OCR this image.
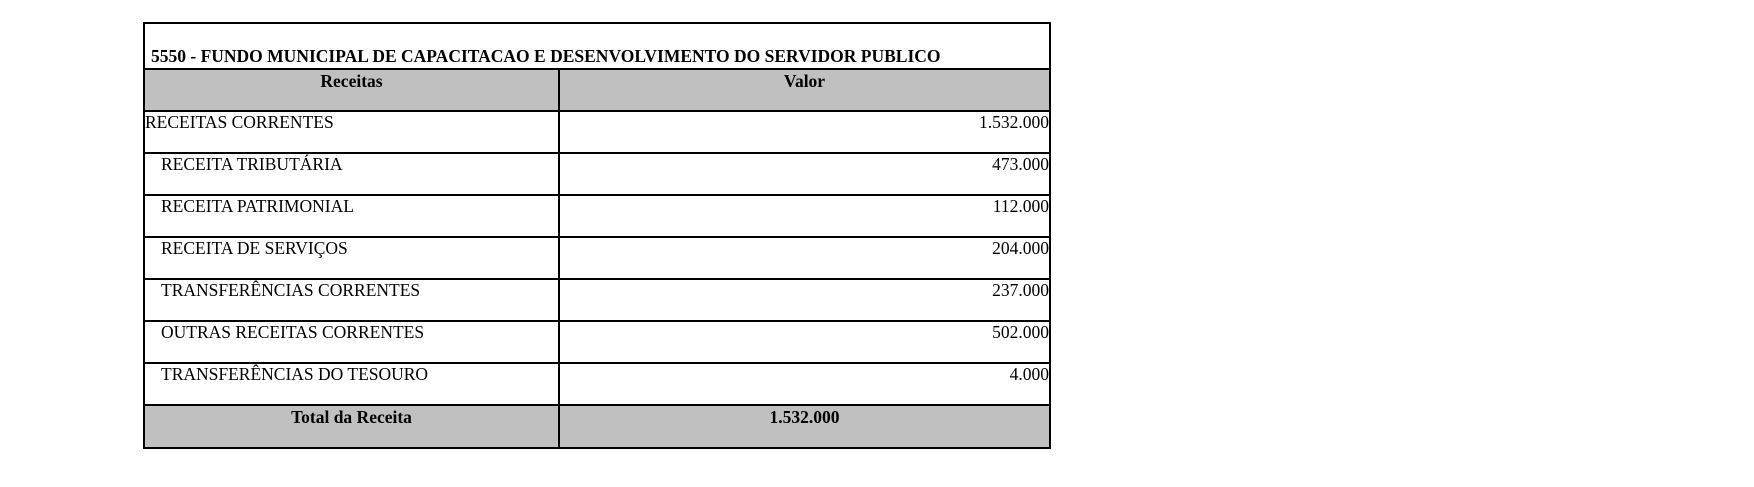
5550 - FUNDO MUNICIPAL DE CAPACITACAO E DESENVOLVIMENTO DO SERVIDOR PUBLICO
Receitas	Valor
RECEITAS CORRENTES	1.532.000
RECEITA TRIBUTÁRIA	473.000
RECEITA PATRIMONIAL	112.000
RECEITA DE SERVIÇOS	204.000
TRANSFERÊNCIAS CORRENTES	237.000
OUTRAS RECEITAS CORRENTES	502.000
TRANSFERÊNCIAS DO TESOURO	4.000
Total da Receita	1.532.000
